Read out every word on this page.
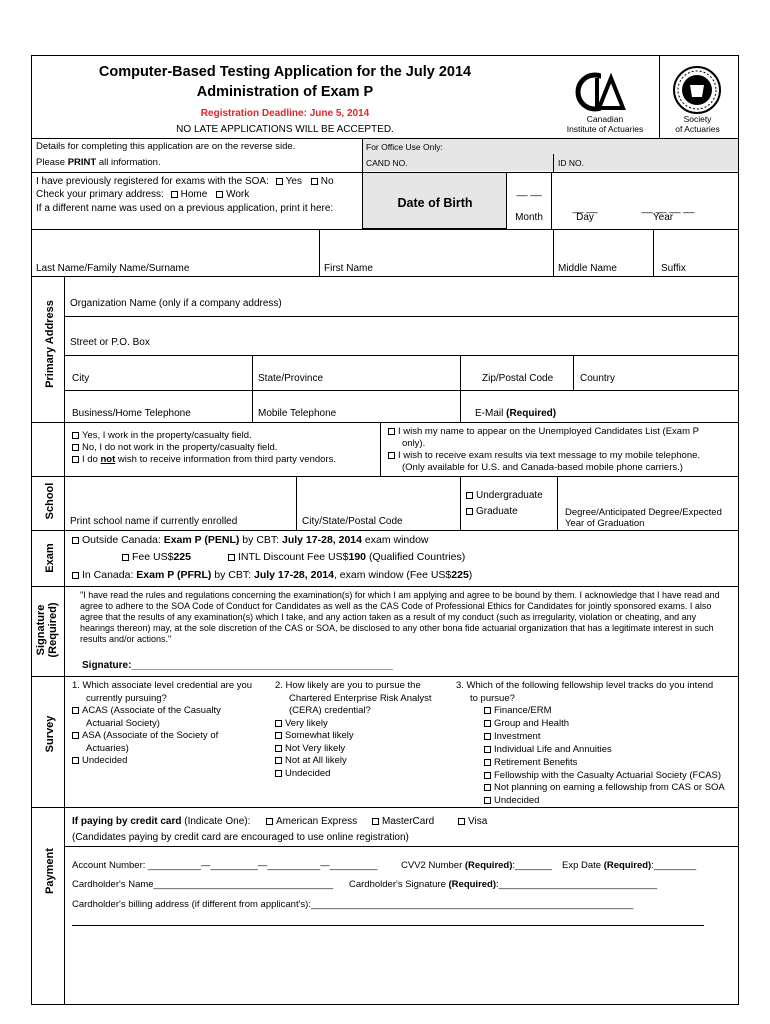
Computer-Based Testing Application for the July 2014
Administration of Exam P
Registration Deadline: June 5, 2014
NO LATE APPLICATIONS WILL BE ACCEPTED.
Canadian
Institute of Actuaries
Society
of Actuaries
Details for completing this application are on the reverse side.
Please PRINT all information.
For Office Use Only:
CAND NO.	ID NO.
I have previously registered for exams with the SOA: Yes No
Check your primary address: Home Work
If a different name was used on a previous application, print it here:	Date of Birth
__ __
Month
__ __
Day
__ __ __ __
Year
Last Name/Family Name/Surname	First Name	Middle Name	Suffix
Primary Address Organization Name (only if a company address)
Street or P.O. Box
City	State/Province	Zip/Postal Code	Country
Business/Home Telephone	Mobile Telephone	E-Mail (Required)
Yes, I work in the property/casualty field.
No, I do not work in the property/casualty field.
I do not wish to receive information from third party vendors.
I wish my name to appear on the Unemployed Candidates List (Exam P
only).
I wish to receive exam results via text message to my mobile telephone.
(Only available for U.S. and Canada-based mobile phone carriers.)
School	Undergraduate
Graduate
Print school name if currently enrolled	City/State/Postal Code
Degree/Anticipated Degree/Expected
Year of Graduation
Exam
Outside Canada: Exam P (PENL) by CBT: July 17-28, 2014 exam window
Fee US$225	INTL Discount Fee US$190 (Qualified Countries)
In Canada: Exam P (PFRL) by CBT: July 17-28, 2014, exam window (Fee US$225)
Signature (Required)
"I have read the rules and regulations concerning the examination(s) for which I am applying and agree to be bound by them. I acknowledge that I have read and agree to adhere to the SOA Code of Conduct for Candidates as well as the CAS Code of Professional Ethics for Candidates for jointly sponsored exams. I also agree that the results of any examination(s) which I take, and any action taken as a result of my conduct (such as irregularity, violation or cheating, and any hearings thereon) may, at the sole discretion of the CAS or SOA, be disclosed to any other bona fide actuarial organization that has a legitimate interest in such results and/or actions."
Signature:_______________________________________________
Survey
1. Which associate level credential are you
currently pursuing?
ACAS (Associate of the Casualty
Actuarial Society)
ASA (Associate of the Society of
Actuaries)
Undecided
2. How likely are you to pursue the
Chartered Enterprise Risk Analyst
(CERA) credential?
Very likely
Somewhat likely
Not Very likely
Not at All likely
Undecided
3. Which of the following fellowship level tracks do you intend
to pursue?
Finance/ERM
Group and Health
Investment
Individual Life and Annuities
Retirement Benefits
Fellowship with the Casualty Actuarial Society (FCAS)
Not planning on earning a fellowship from CAS or SOA
Undecided
Payment
If paying by credit card (Indicate One):	American Express	MasterCard	Visa
(Candidates paying by credit card are encouraged to use online registration)
Account Number: __________—_________—__________—_________ CVV2 Number (Required):_______ Exp Date (Required):________
Cardholder's Name__________________________________ Cardholder's Signature (Required):______________________________
Cardholder's billing address (if different from applicant's):_____________________________________________________________
